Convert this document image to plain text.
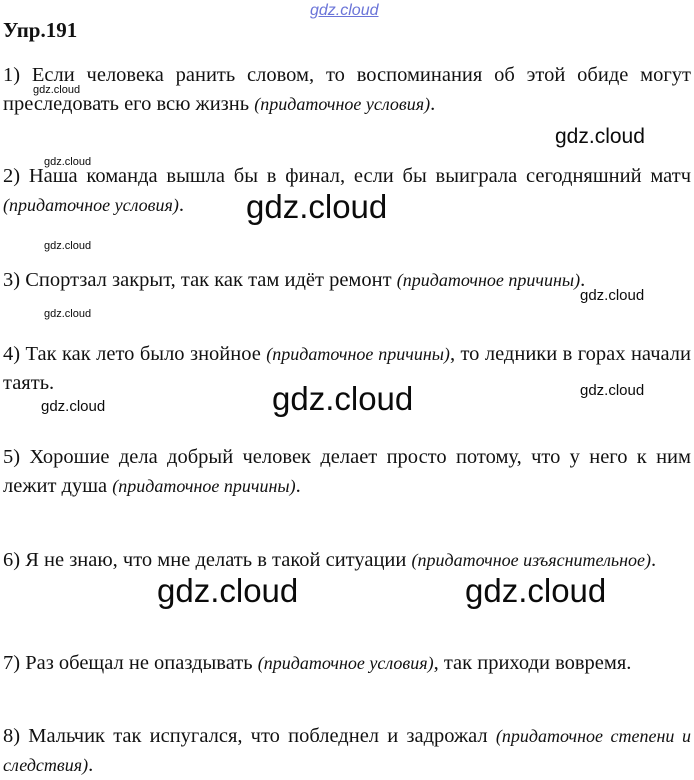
gdz.cloud
Упр.191

1) Если человека ранить словом, то воспоминания об этой обиде могут преследовать его всю жизнь (придаточное условия).

gdz.cloud
gdz.cloud
gdz.cloud

2) Наша команда вышла бы в финал, если бы выиграла сегодняшний матч (придаточное условия).	gdz.cloud
gdz.cloud

3) Спортзал закрыт, так как там идёт ремонт (придаточное причины).

gdz.cloud
gdz.cloud

4) Так как лето было знойное (придаточное причины), то ледники в горах начали таять.	gdz.cloud
gdz.cloud
gdz.cloud

5) Хорошие дела добрый человек делает просто потому, что у него к ним лежит душа (придаточное причины).

6) Я не знаю, что мне делать в такой ситуации (придаточное изъяснительное).

gdz.cloud	gdz.cloud

7) Раз обещал не опаздывать (придаточное условия), так приходи вовремя.

8) Мальчик так испугался, что побледнел и задрожал (придаточное степени и следствия).
